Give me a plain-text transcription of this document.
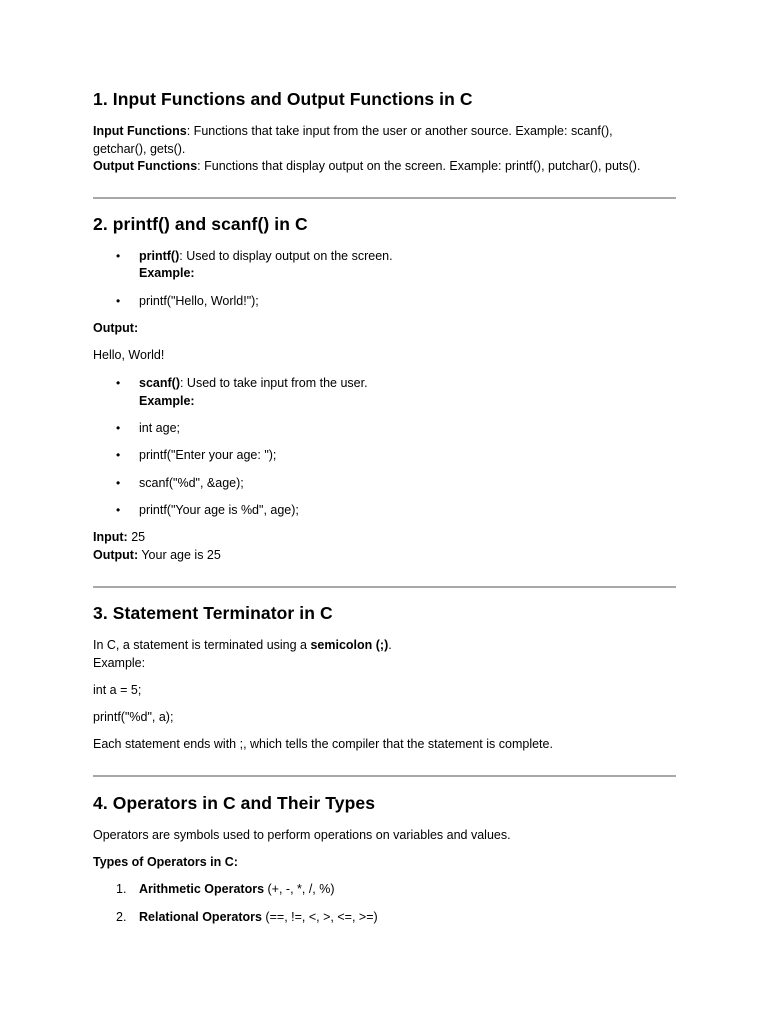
1. Input Functions and Output Functions in C
Input Functions: Functions that take input from the user or another source. Example: scanf(),
getchar(), gets().
Output Functions: Functions that display output on the screen. Example: printf(), putchar(), puts().
2. printf() and scanf() in C
• printf(): Used to display output on the screen.
Example:
• printf("Hello, World!");
Output:
Hello, World!
• scanf(): Used to take input from the user.
Example:
• int age;
• printf("Enter your age: ");
• scanf("%d", &age);
• printf("Your age is %d", age);
Input: 25
Output: Your age is 25
3. Statement Terminator in C
In C, a statement is terminated using a semicolon (;).
Example:
int a = 5;
printf("%d", a);
Each statement ends with ;, which tells the compiler that the statement is complete.
4. Operators in C and Their Types
Operators are symbols used to perform operations on variables and values.
Types of Operators in C:
1. Arithmetic Operators (+, -, *, /, %)
2. Relational Operators (==, !=, <, >, <=, >=)
